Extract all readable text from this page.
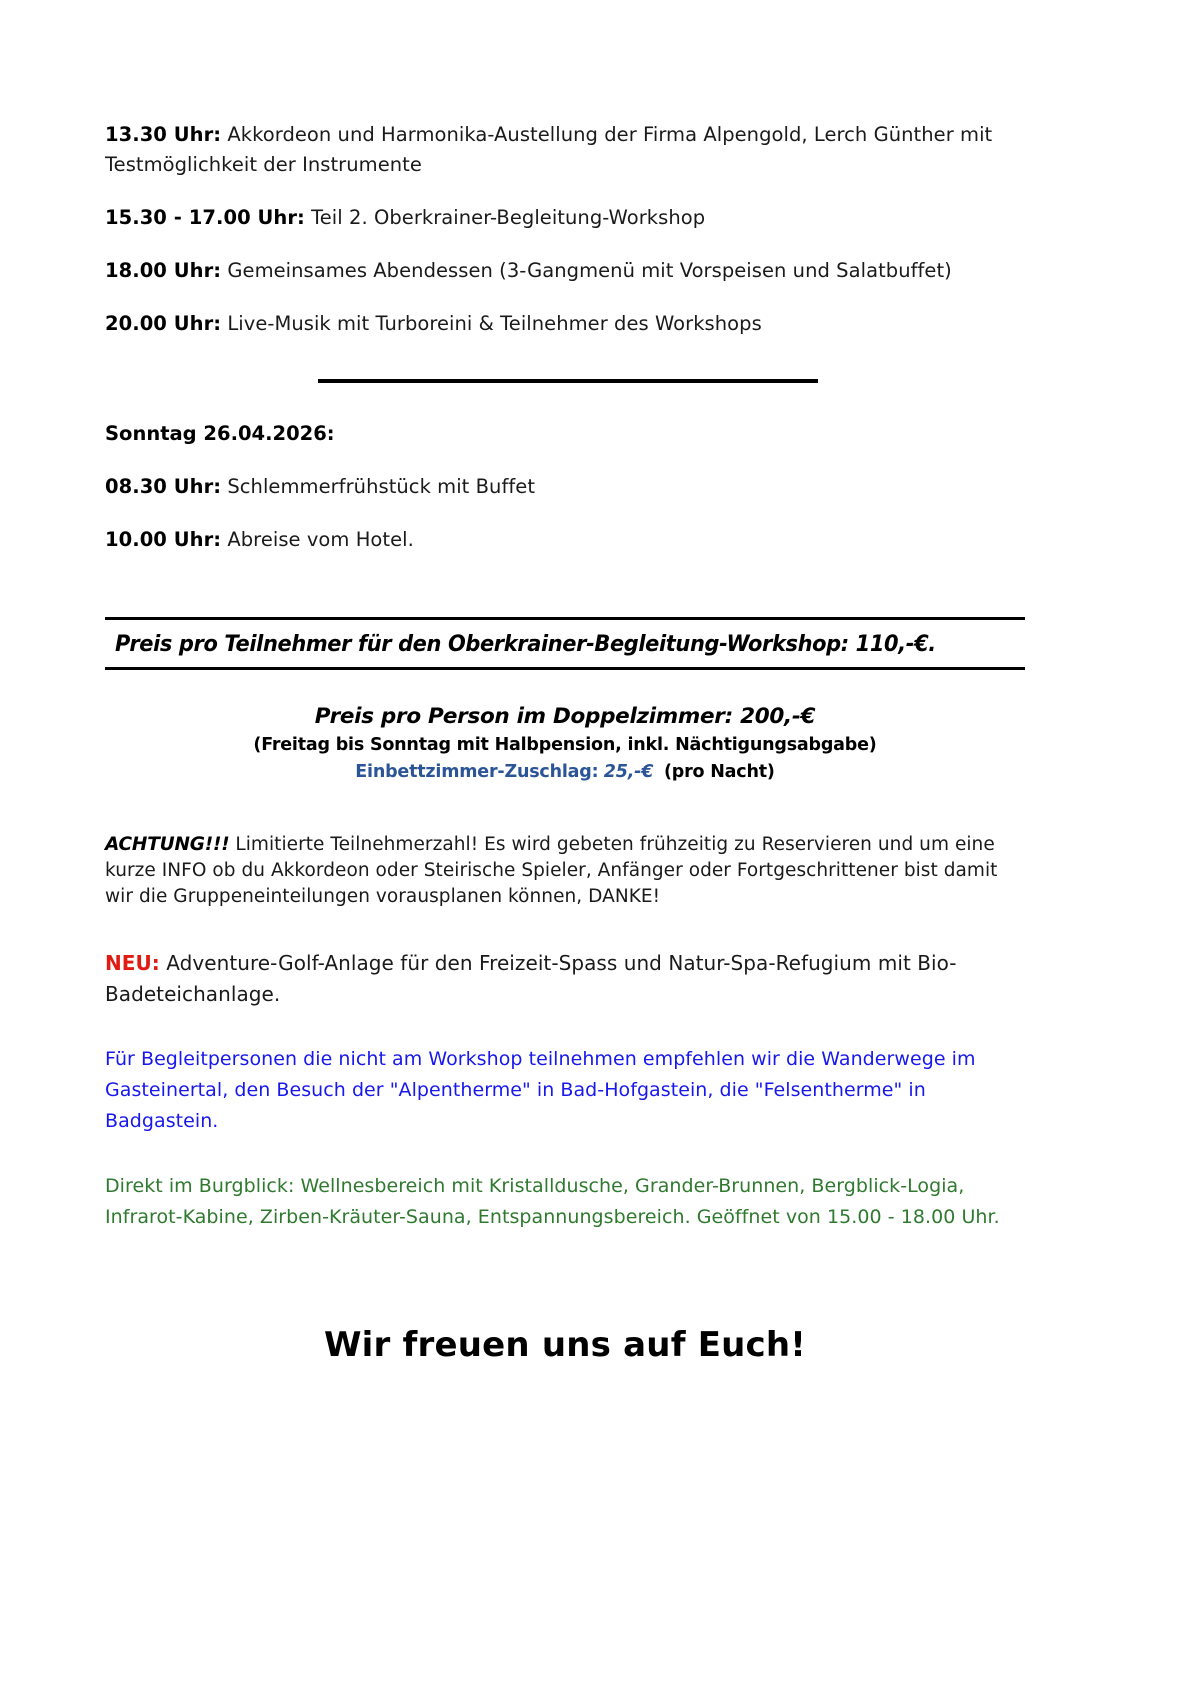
13.30 Uhr: Akkordeon und Harmonika-Austellung der Firma Alpengold, Lerch Günther mit Testmöglichkeit der Instrumente

15.30 - 17.00 Uhr: Teil 2. Oberkrainer-Begleitung-Workshop

18.00 Uhr: Gemeinsames Abendessen (3-Gangmenü mit Vorspeisen und Salatbuffet)

20.00 Uhr: Live-Musik mit Turboreini & Teilnehmer des Workshops

Sonntag 26.04.2026:

08.30 Uhr: Schlemmerfrühstück mit Buffet

10.00 Uhr: Abreise vom Hotel.

Preis pro Teilnehmer für den Oberkrainer-Begleitung-Workshop: 110,-€.
Preis pro Person im Doppelzimmer: 200,-€
(Freitag bis Sonntag mit Halbpension, inkl. Nächtigungsabgabe)
Einbettzimmer-Zuschlag: 25,-€ (pro Nacht)

ACHTUNG!!! Limitierte Teilnehmerzahl! Es wird gebeten frühzeitig zu Reservieren und um eine kurze INFO ob du Akkordeon oder Steirische Spieler, Anfänger oder Fortgeschrittener bist damit wir die Gruppeneinteilungen vorausplanen können, DANKE!

NEU: Adventure-Golf-Anlage für den Freizeit-Spass und Natur-Spa-Refugium mit Bio-Badeteichanlage.

Für Begleitpersonen die nicht am Workshop teilnehmen empfehlen wir die Wanderwege im Gasteinertal, den Besuch der "Alpentherme" in Bad-Hofgastein, die "Felsentherme" in Badgastein.

Direkt im Burgblick: Wellnesbereich mit Kristalldusche, Grander-Brunnen, Bergblick-Logia, Infrarot-Kabine, Zirben-Kräuter-Sauna, Entspannungsbereich. Geöffnet von 15.00 - 18.00 Uhr.

Wir freuen uns auf Euch!
